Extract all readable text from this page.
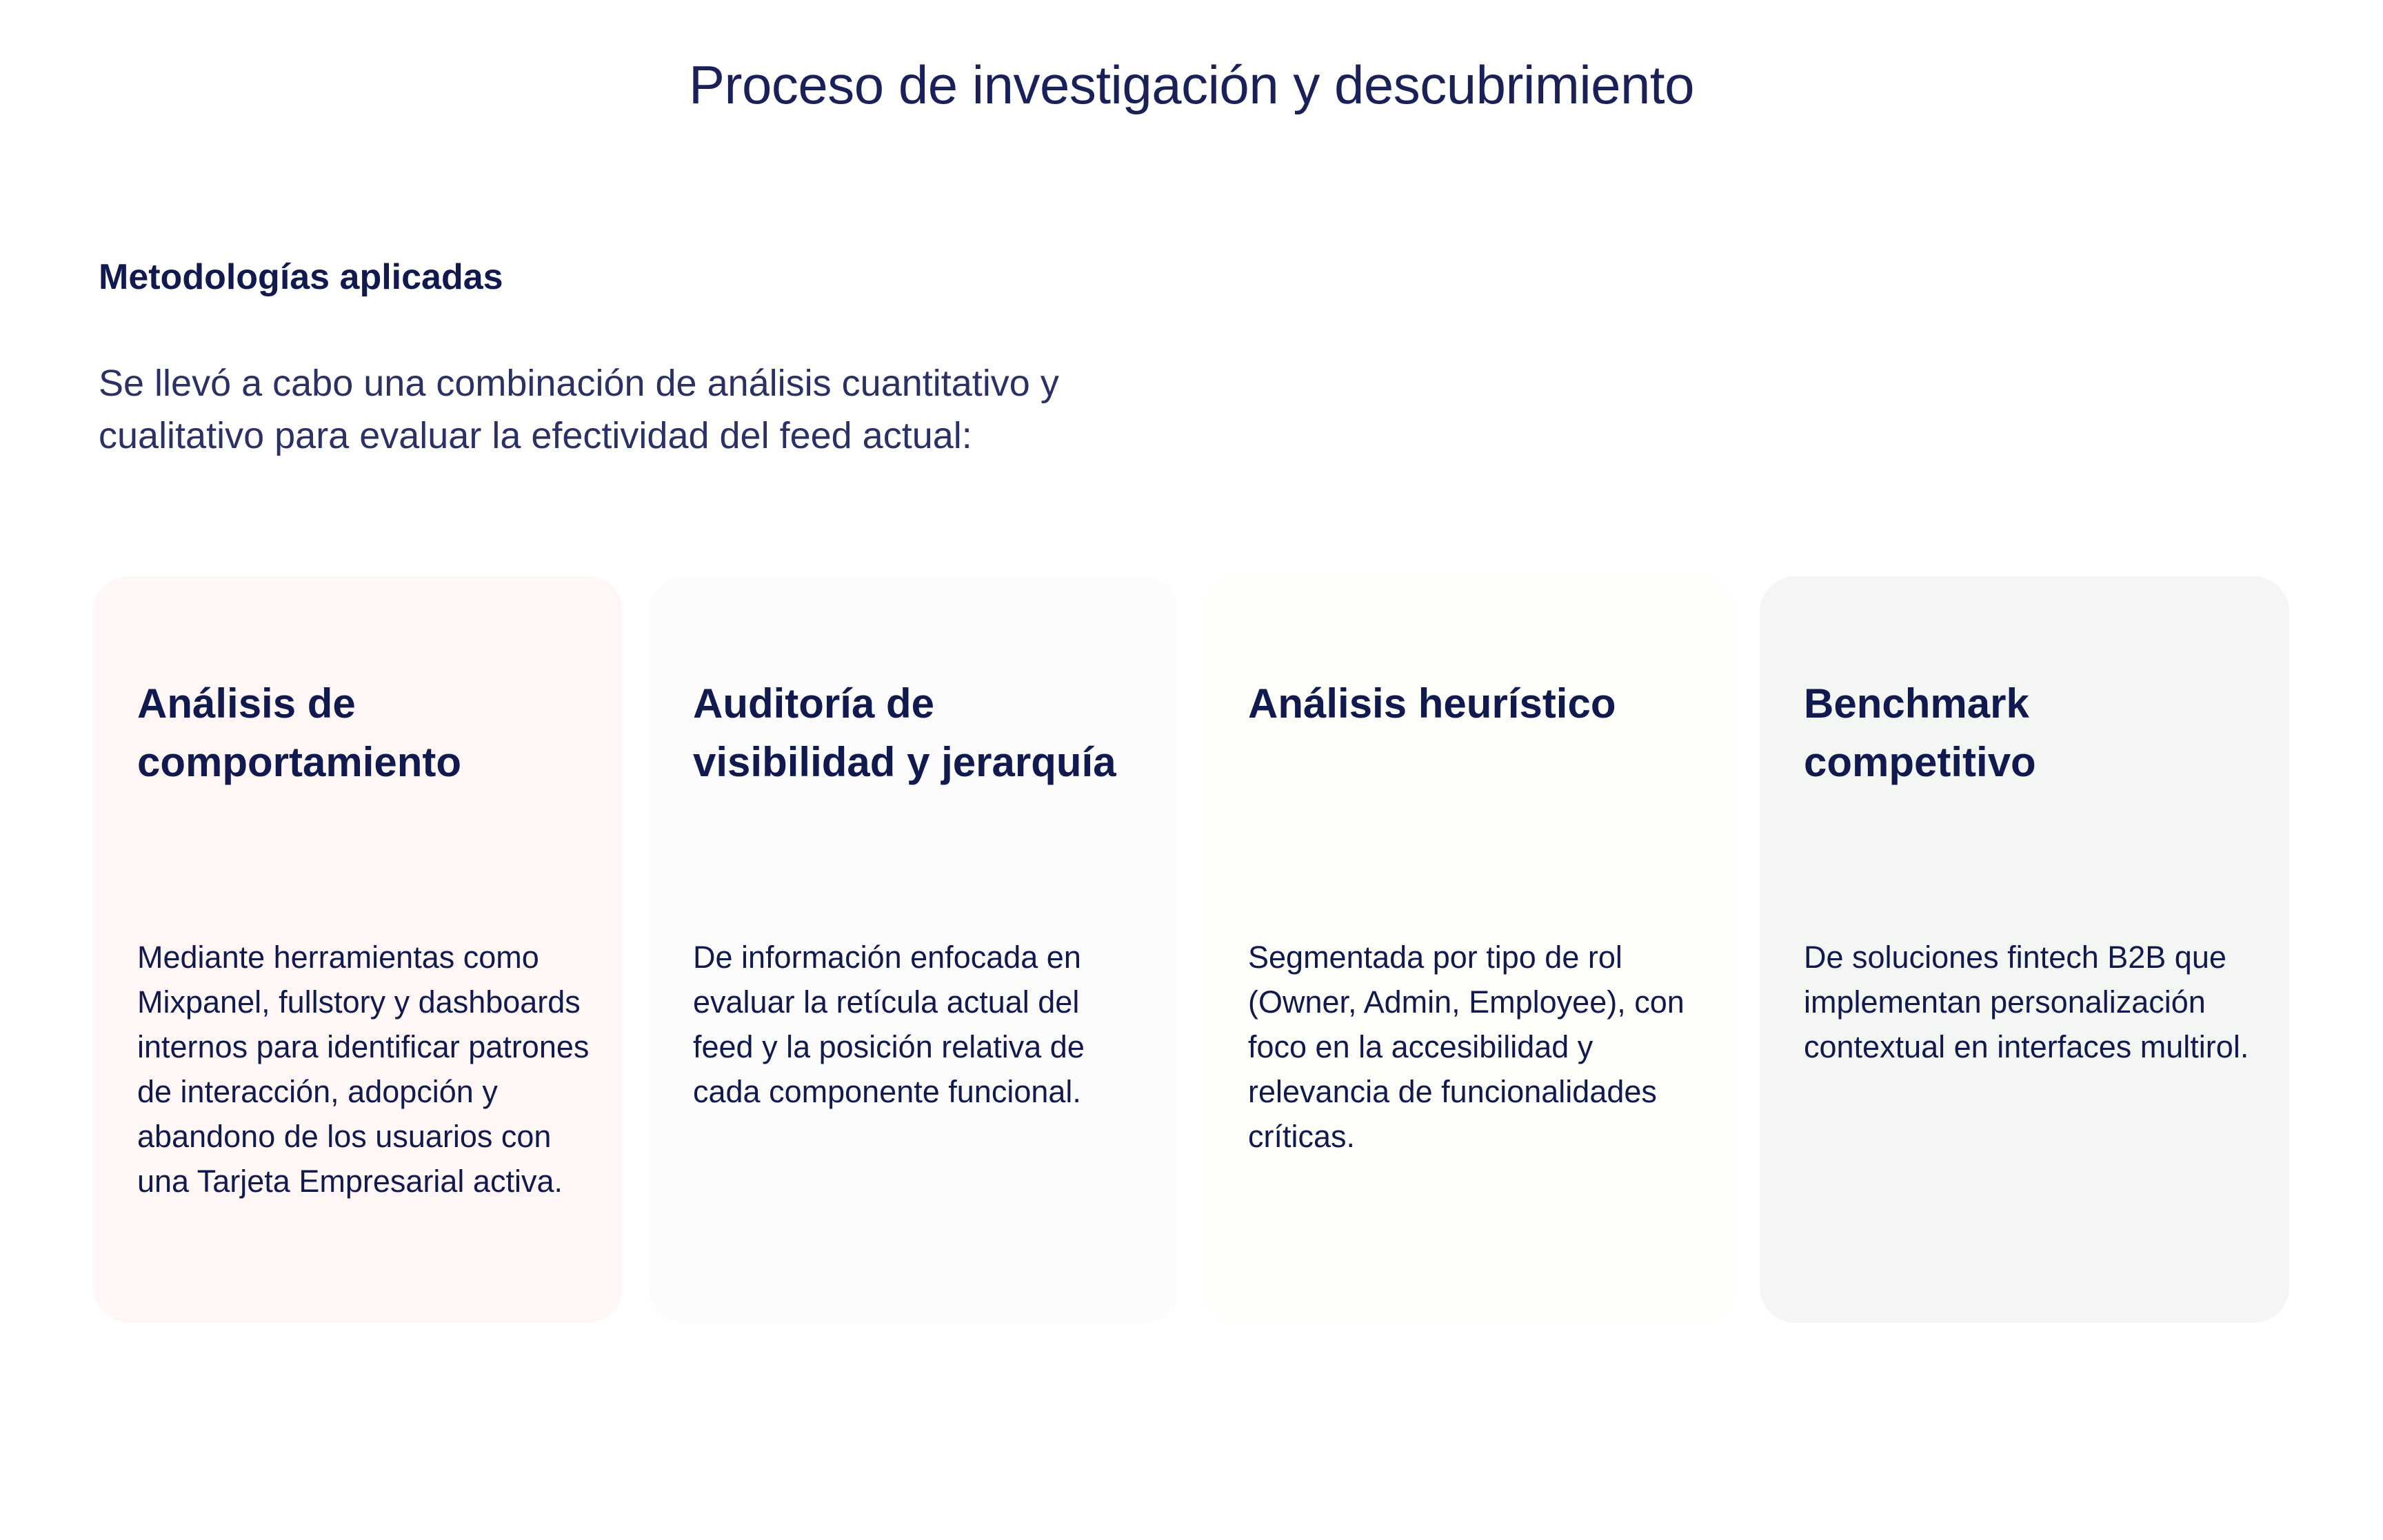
Proceso de investigación y descubrimiento
Metodologías aplicadas

Se llevó a cabo una combinación de análisis cuantitativo y cualitativo para evaluar la efectividad del feed actual:

Análisis de comportamiento

Mediante herramientas como Mixpanel, fullstory y dashboards internos para identificar patrones de interacción, adopción y abandono de los usuarios con una Tarjeta Empresarial activa.

Auditoría de visibilidad y jerarquía

De información enfocada en evaluar la retícula actual del feed y la posición relativa de cada componente funcional.

Análisis heurístico

Segmentada por tipo de rol (Owner, Admin, Employee), con foco en la accesibilidad y relevancia de funcionalidades críticas.

Benchmark competitivo

De soluciones fintech B2B que implementan personalización contextual en interfaces multirol.
